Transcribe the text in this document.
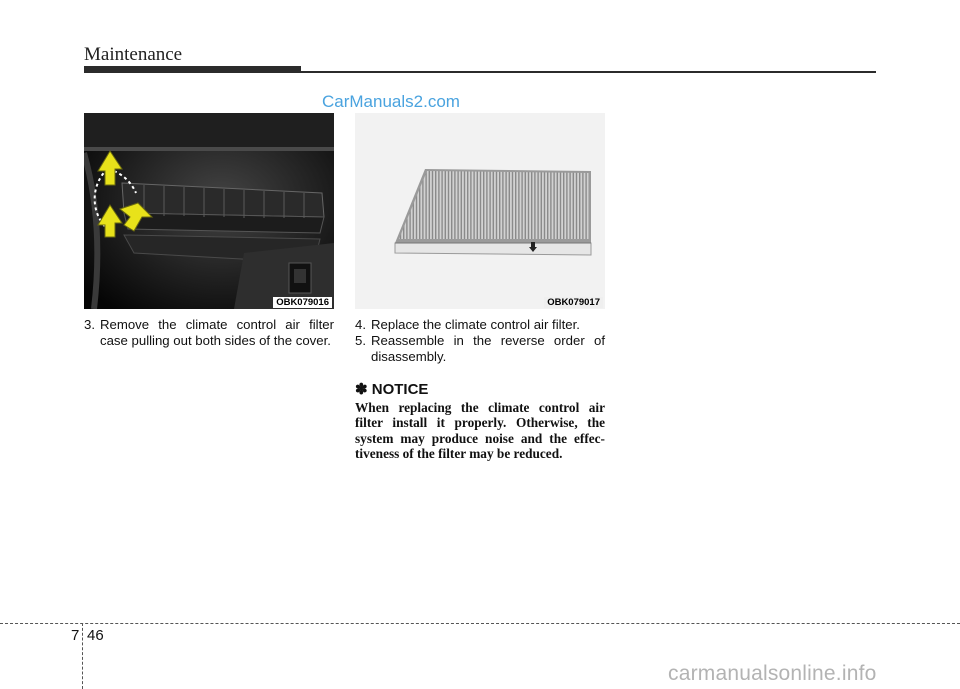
Maintenance
CarManuals2.com
OBK079016	OBK079017
3. Remove the climate control air filter case pulling out both sides of the cover.
4. Replace the climate control air filter.
5. Reassemble in the reverse order of disassembly.
✽ NOTICE
When replacing the climate control air filter install it properly. Otherwise, the system may produce noise and the effec-tiveness of the filter may be reduced.
7 46
carmanualsonline.info
